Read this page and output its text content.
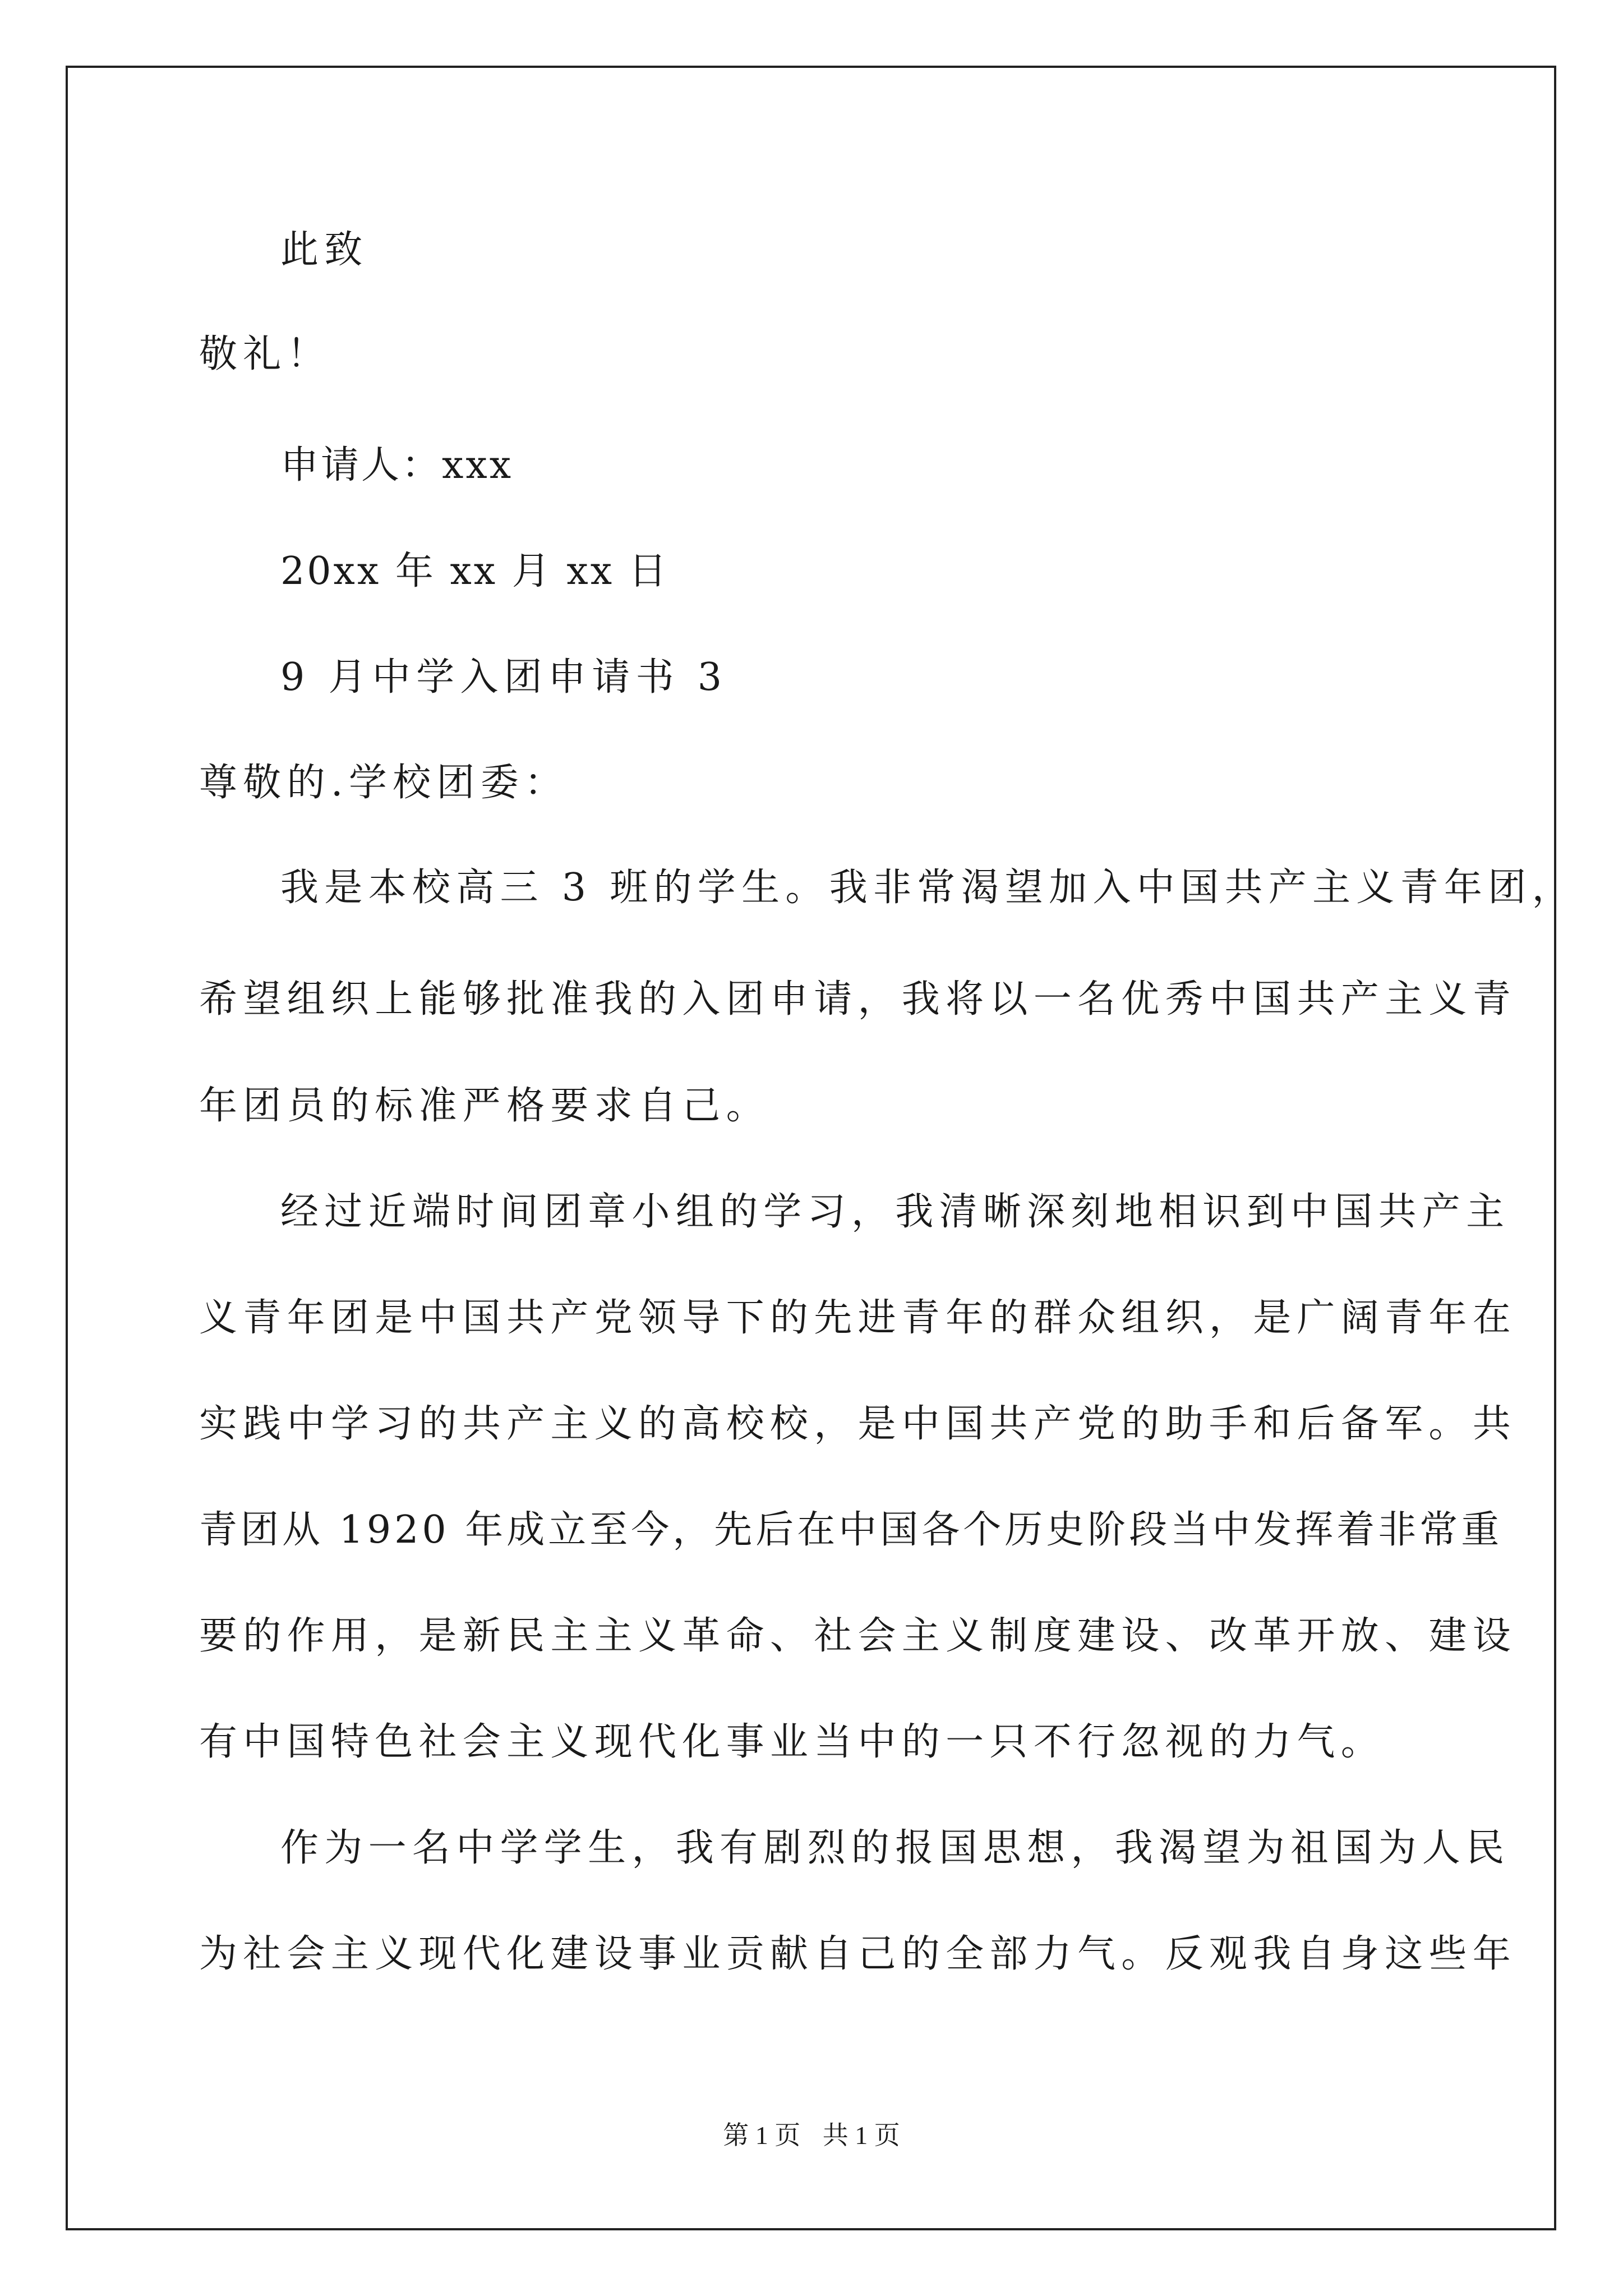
此致
敬礼！
申请人：xxx
20xx 年 xx 月 xx 日
9 月中学入团申请书 3
尊敬的.学校团委：
我是本校高三 3 班的学生。我非常渴望加入中国共产主义青年团，
希望组织上能够批准我的入团申请，我将以一名优秀中国共产主义青
年团员的标准严格要求自己。
经过近端时间团章小组的学习，我清晰深刻地相识到中国共产主
义青年团是中国共产党领导下的先进青年的群众组织，是广阔青年在
实践中学习的共产主义的高校校，是中国共产党的助手和后备军。共
青团从 1920 年成立至今，先后在中国各个历史阶段当中发挥着非常重
要的作用，是新民主主义革命、社会主义制度建设、改革开放、建设
有中国特色社会主义现代化事业当中的一只不行忽视的力气。
作为一名中学学生，我有剧烈的报国思想，我渴望为祖国为人民
为社会主义现代化建设事业贡献自己的全部力气。反观我自身这些年
第 1 页 共 1 页
